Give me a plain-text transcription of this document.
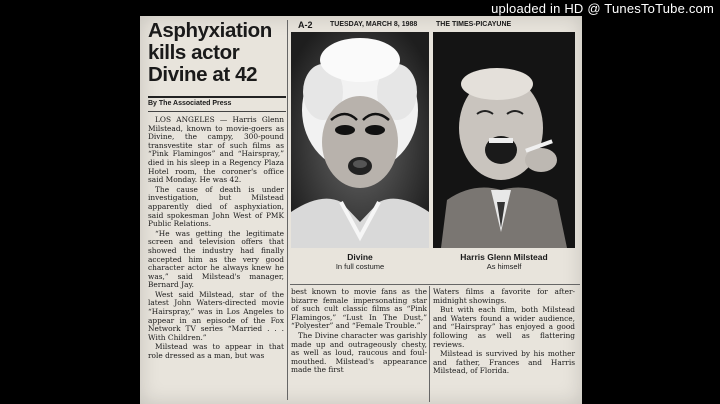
uploaded in HD @ TunesToTube.com
Asphyxiation kills actor Divine at 42
By The Associated Press

LOS ANGELES — Harris Glenn Milstead, known to movie-goers as Divine, the campy, 300-pound transvestite star of such films as “Pink Flamingos” and “Hairspray,” died in his sleep in a Regency Plaza Hotel room, the coroner's office said Monday. He was 42.

The cause of death is under investigation, but Milstead apparently died of asphyxiation, said spokesman John West of PMK Public Relations.

“He was getting the legitimate screen and television offers that showed the industry had finally accepted him as the very good character actor he always knew he was,” said Milstead's manager, Bernard Jay.

West said Milstead, star of the latest John Waters-directed movie “Hairspray,” was in Los Angeles to appear in an episode of the Fox Network TV series “Married . . . With Children.”

Milstead was to appear in that role dressed as a man, but was

A-2 TUESDAY, MARCH 8, 1988	THE TIMES-PICAYUNE
Divine
In full costume
Harris Glenn Milstead
As himself

best known to movie fans as the bizarre female impersonating star of such cult classic films as “Pink Flamingos,” “Lust In The Dust,” “Polyester” and “Female Trouble.”

The Divine character was garishly made up and outrageously chesty, as well as loud, raucous and foul-mouthed. Milstead's appearance made the first

Waters films a favorite for after-midnight showings.

But with each film, both Milstead and Waters found a wider audience, and “Hairspray” has enjoyed a good following as well as flattering reviews.

Milstead is survived by his mother and father, Frances and Harris Milstead, of Florida.
